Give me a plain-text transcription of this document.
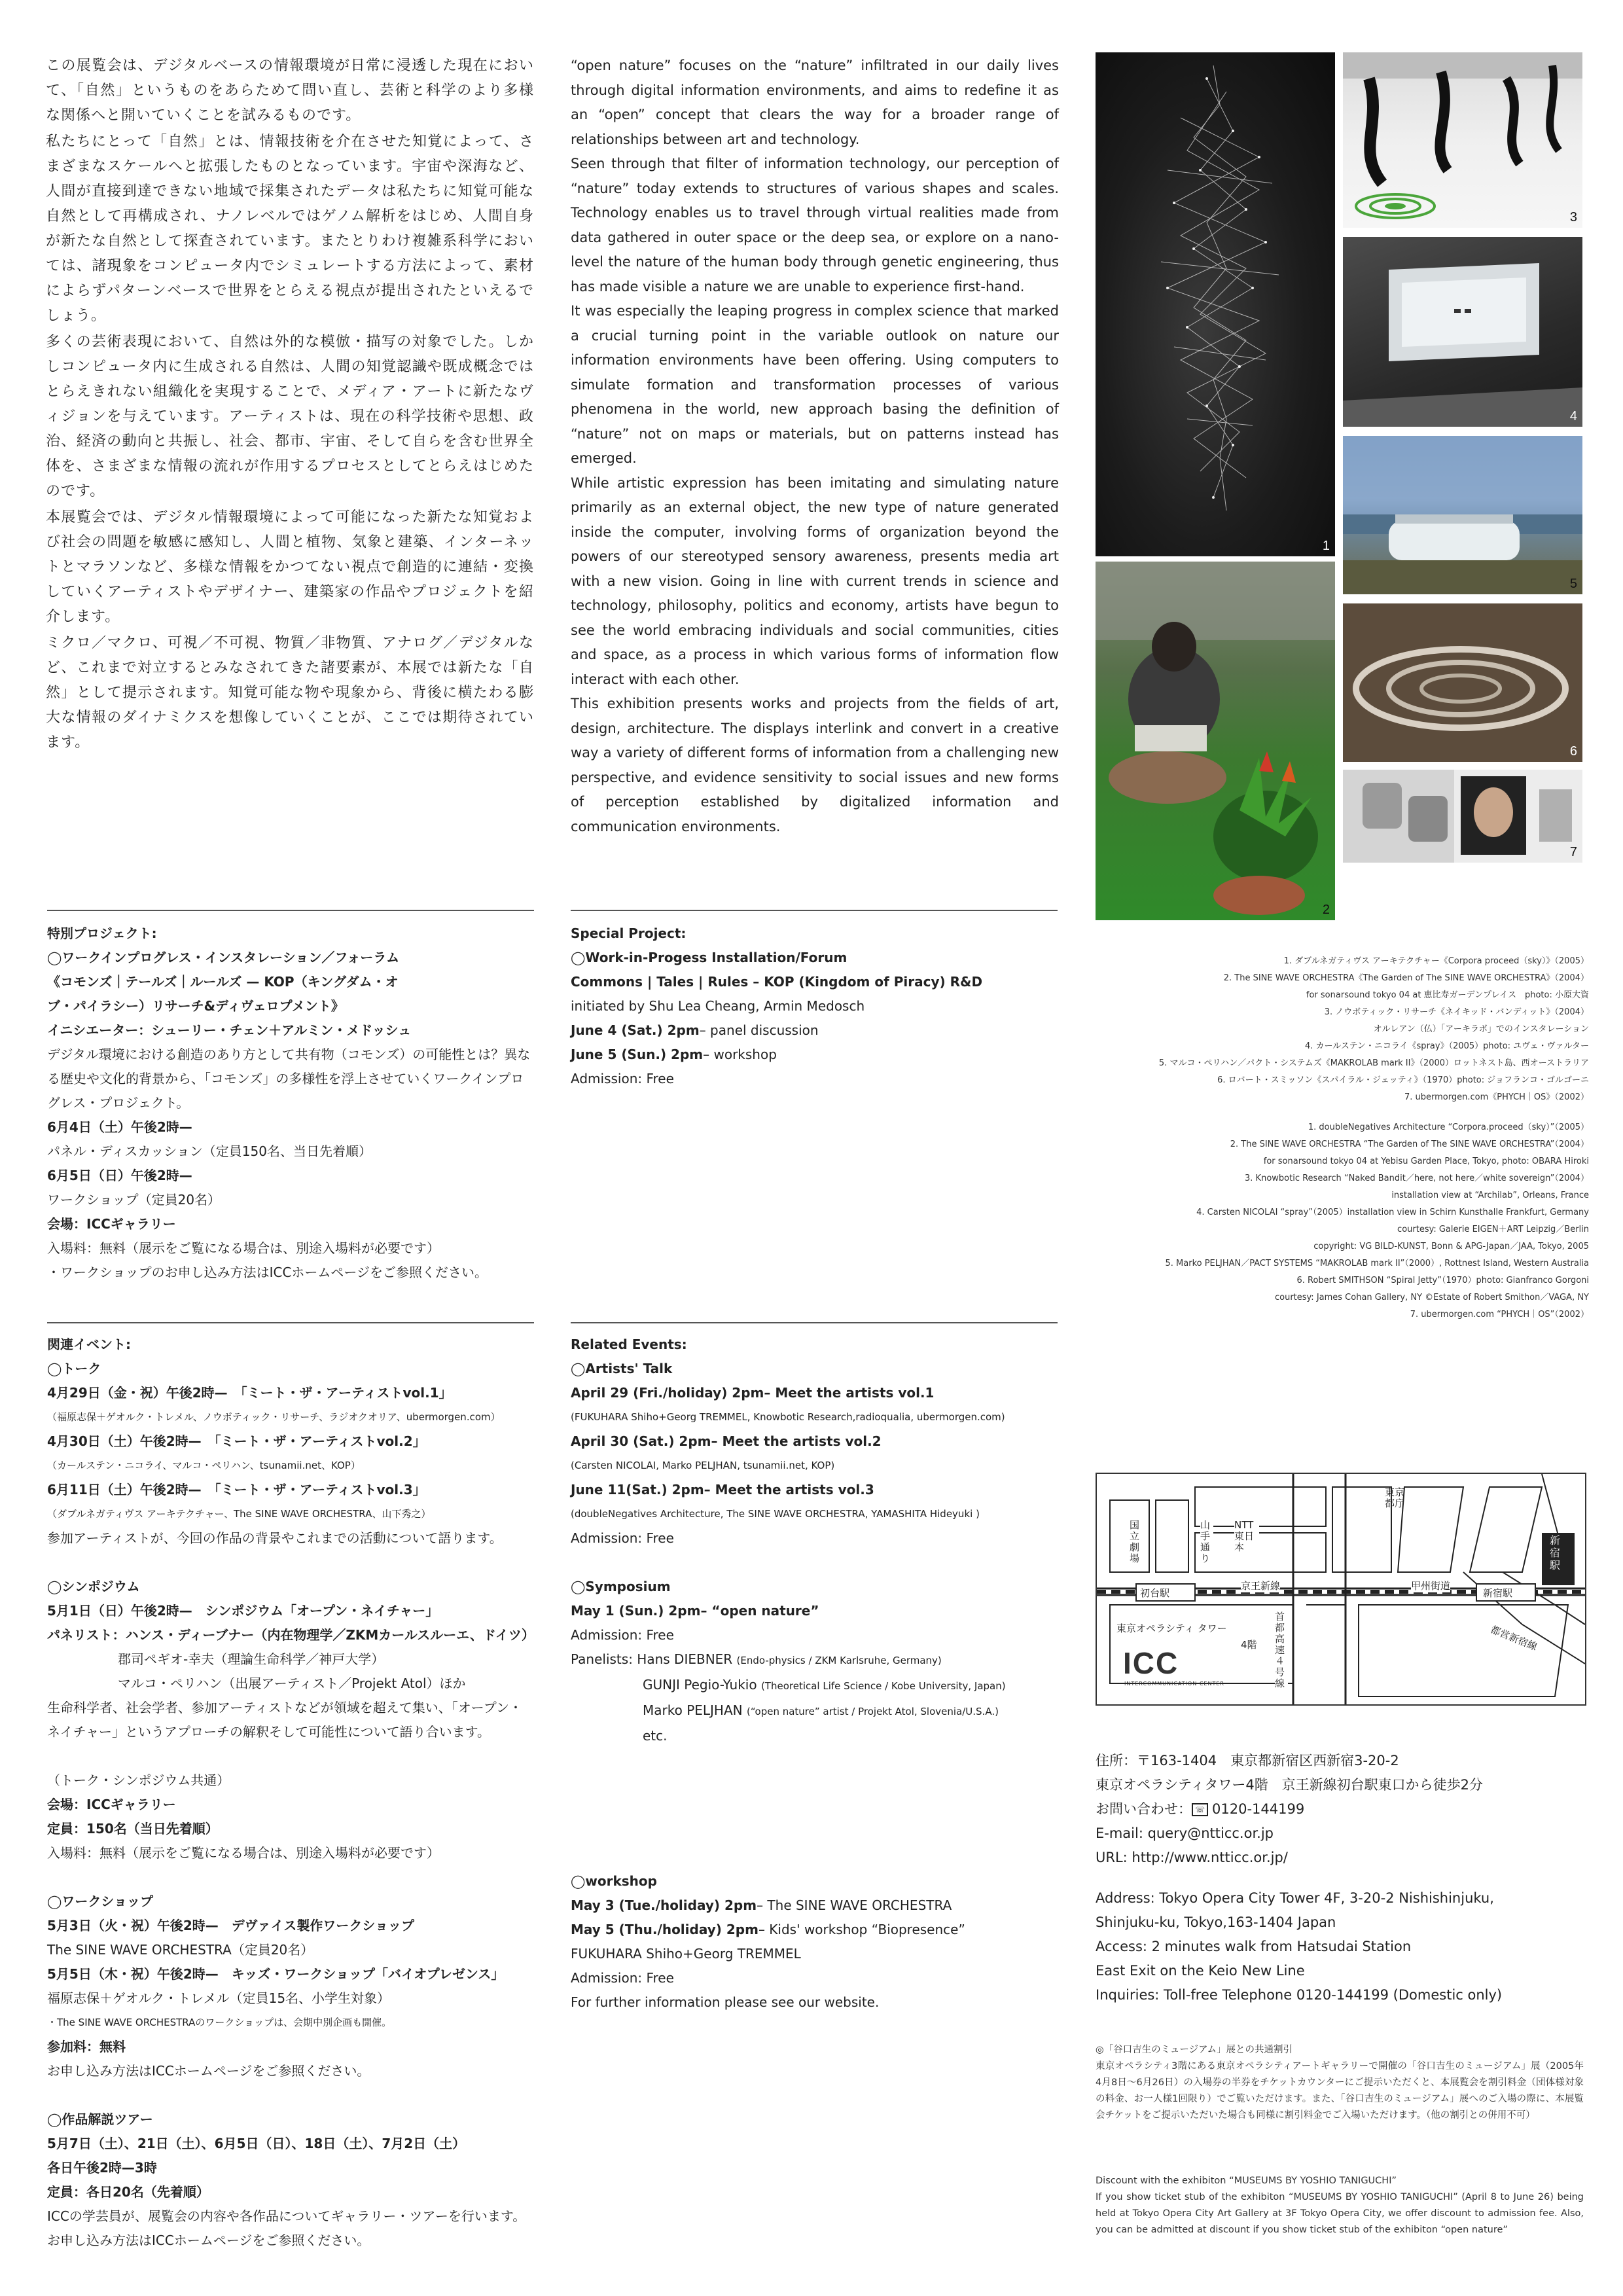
この展覧会は、デジタルベースの情報環境が日常に浸透した現在において、「自然」というものをあらためて問い直し、芸術と科学のより多様な関係へと開いていくことを試みるものです。

私たちにとって「自然」とは、情報技術を介在させた知覚によって、さまざまなスケールへと拡張したものとなっています。宇宙や深海など、人間が直接到達できない地域で採集されたデータは私たちに知覚可能な自然として再構成され、ナノレベルではゲノム解析をはじめ、人間自身が新たな自然として探査されています。またとりわけ複雑系科学においては、諸現象をコンピュータ内でシミュレートする方法によって、素材によらずパターンベースで世界をとらえる視点が提出されたといえるでしょう。

多くの芸術表現において、自然は外的な模倣・描写の対象でした。しかしコンピュータ内に生成される自然は、人間の知覚認識や既成概念ではとらえきれない組織化を実現することで、メディア・アートに新たなヴィジョンを与えています。アーティストは、現在の科学技術や思想、政治、経済の動向と共振し、社会、都市、宇宙、そして自らを含む世界全体を、さまざまな情報の流れが作用するプロセスとしてとらえはじめたのです。

本展覧会では、デジタル情報環境によって可能になった新たな知覚および社会の問題を敏感に感知し、人間と植物、気象と建築、インターネットとマラソンなど、多様な情報をかつてない視点で創造的に連結・変換していくアーティストやデザイナー、建築家の作品やプロジェクトを紹介します。

ミクロ／マクロ、可視／不可視、物質／非物質、アナログ／デジタルなど、これまで対立するとみなされてきた諸要素が、本展では新たな「自然」として提示されます。知覚可能な物や現象から、背後に横たわる膨大な情報のダイナミクスを想像していくことが、ここでは期待されています。

“open nature” focuses on the “nature” infiltrated in our daily lives through digital information environments, and aims to redefine it as an “open” concept that clears the way for a broader range of relationships between art and technology.

Seen through that filter of information technology, our perception of “nature” today extends to structures of various shapes and scales. Technology enables us to travel through virtual realities made from data gathered in outer space or the deep sea, or explore on a nano-level the nature of the human body through genetic engineering, thus has made visible a nature we are unable to experience first-hand.

It was especially the leaping progress in complex science that marked a crucial turning point in the variable outlook on nature our information environments have been offering. Using computers to simulate formation and transformation processes of various phenomena in the world, new approach basing the definition of “nature” not on maps or materials, but on patterns instead has emerged.

While artistic expression has been imitating and simulating nature primarily as an external object, the new type of nature generated inside the computer, involving forms of organization beyond the powers of our stereotyped sensory awareness, presents media art with a new vision. Going in line with current trends in science and technology, philosophy, politics and economy, artists have begun to see the world embracing individuals and social communities, cities and space, as a process in which various forms of information flow interact with each other.

This exhibition presents works and projects from the fields of art, design, architecture. The displays interlink and convert in a creative way a variety of different forms of information from a challenging new perspective, and evidence sensitivity to social issues and new forms of perception established by digitalized information and communication environments.

1
2
3
4
5
6
7
1. ダブルネガティヴス アーキテクチャー《Corpora proceed（sky）》（2005）
2. The SINE WAVE ORCHESTRA《The Garden of The SINE WAVE ORCHESTRA》（2004）
for sonarsound tokyo 04 at 恵比寿ガーデンプレイス　photo: 小原大資
3. ノウボティック・リサーチ《ネイキッド・バンディット》（2004）
オルレアン（仏）「アーキラボ」でのインスタレーション
4. カールステン・ニコライ《spray》（2005）photo: ユヴェ・ヴァルター
5. マルコ・ペリハン／パクト・システムズ《MAKROLAB mark II》（2000）ロットネスト島、西オーストラリア
6. ロバート・スミッソン《スパイラル・ジェッティ》（1970）photo: ジョフランコ・ゴルゴーニ
7. ubermorgen.com《PHYCH｜OS》（2002）
1. doubleNegatives Architecture “Corpora.proceed（sky）”（2005）
2. The SINE WAVE ORCHESTRA “The Garden of The SINE WAVE ORCHESTRA”（2004）
for sonarsound tokyo 04 at Yebisu Garden Place, Tokyo, photo: OBARA Hiroki
3. Knowbotic Research “Naked Bandit／here, not here／white sovereign”（2004）
installation view at “Archilab”, Orleans, France
4. Carsten NICOLAI “spray”（2005）installation view in Schirn Kunsthalle Frankfurt, Germany
courtesy: Galerie EIGEN＋ART Leipzig／Berlin
copyright: VG BILD-KUNST, Bonn & APG-Japan／JAA, Tokyo, 2005
5. Marko PELJHAN／PACT SYSTEMS “MAKROLAB mark II”（2000）, Rottnest Island, Western Australia
6. Robert SMITHSON “Spiral Jetty”（1970）photo: Gianfranco Gorgoni
courtesy: James Cohan Gallery, NY ©Estate of Robert Smithon／VAGA, NY
7. ubermorgen.com “PHYCH｜OS”（2002）
特別プロジェクト:
◯ワークインプログレス・インスタレーション／フォーラム
《コモンズ｜テールズ｜ルールズ — KOP（キングダム・オブ・パイラシー）リサーチ&ディヴェロプメント》
イニシエーター：シューリー・チェン＋アルミン・メドッシュ
デジタル環境における創造のあり方として共有物（コモンズ）の可能性とは？異なる歴史や文化的背景から、「コモンズ」の多様性を浮上させていくワークインプログレス・プロジェクト。
6月4日（土）午後2時—
パネル・ディスカッション（定員150名、当日先着順）
6月5日（日）午後2時—
ワークショップ（定員20名）
会場：ICCギャラリー
入場料：無料（展示をご覧になる場合は、別途入場料が必要です）
・ワークショップのお申し込み方法はICCホームページをご参照ください。
Special Project:
◯Work-in-Progess Installation/Forum
Commons | Tales | Rules – KOP (Kingdom of Piracy) R&D
initiated by Shu Lea Cheang, Armin Medosch
June 4 (Sat.) 2pm– panel discussion
June 5 (Sun.) 2pm– workshop
Admission: Free
関連イベント:
◯トーク
4月29日（金・祝）午後2時—　「ミート・ザ・アーティストvol.1」
（福原志保＋ゲオルク・トレメル、ノウボティック・リサーチ、ラジオクオリア、ubermorgen.com）
4月30日（土）午後2時—　「ミート・ザ・アーティストvol.2」
（カールステン・ニコライ、マルコ・ペリハン、tsunamii.net、KOP）
6月11日（土）午後2時—　「ミート・ザ・アーティストvol.3」
（ダブルネガティヴス アーキテクチャー、The SINE WAVE ORCHESTRA、山下秀之）
参加アーティストが、今回の作品の背景やこれまでの活動について語ります。
◯シンポジウム
5月1日（日）午後2時—　シンポジウム「オープン・ネイチャー」
パネリスト：ハンス・ディーブナー（内在物理学／ZKMカールスルーエ、ドイツ）
郡司ペギオ-幸夫（理論生命科学／神戸大学）
マルコ・ペリハン（出展アーティスト／Projekt Atol）ほか
生命科学者、社会学者、参加アーティストなどが領域を超えて集い、「オープン・ネイチャー」というアプローチの解釈そして可能性について語り合います。
（トーク・シンポジウム共通）
会場：ICCギャラリー
定員：150名（当日先着順）
入場料：無料（展示をご覧になる場合は、別途入場料が必要です）
◯ワークショップ
5月3日（火・祝）午後2時—　デヴァイス製作ワークショップ
The SINE WAVE ORCHESTRA（定員20名）
5月5日（木・祝）午後2時—　キッズ・ワークショップ「バイオプレゼンス」
福原志保＋ゲオルク・トレメル（定員15名、小学生対象）
・The SINE WAVE ORCHESTRAのワークショップは、会期中別企画も開催。
参加料：無料
お申し込み方法はICCホームページをご参照ください。
◯作品解説ツアー
5月7日（土）、21日（土）、6月5日（日）、18日（土）、7月2日（土）
各日午後2時—3時
定員：各日20名（先着順）
ICCの学芸員が、展覧会の内容や各作品についてギャラリー・ツアーを行います。お申し込み方法はICCホームページをご参照ください。
Related Events:
◯Artists' Talk
April 29 (Fri./holiday) 2pm– Meet the artists vol.1
(FUKUHARA Shiho+Georg TREMMEL, Knowbotic Research,radioqualia, ubermorgen.com)
April 30 (Sat.) 2pm– Meet the artists vol.2
(Carsten NICOLAI, Marko PELJHAN, tsunamii.net, KOP)
June 11(Sat.) 2pm– Meet the artists vol.3
(doubleNegatives Architecture, The SINE WAVE ORCHESTRA, YAMASHITA Hideyuki )
Admission: Free
◯Symposium
May 1 (Sun.) 2pm– “open nature”
Admission: Free
Panelists: Hans DIEBNER (Endo-physics / ZKM Karlsruhe, Germany)
GUNJI Pegio-Yukio (Theoretical Life Science / Kobe University, Japan)
Marko PELJHAN (“open nature” artist / Projekt Atol, Slovenia/U.S.A.)
etc.
◯workshop
May 3 (Tue./holiday) 2pm– The SINE WAVE ORCHESTRA
May 5 (Thu./holiday) 2pm– Kids' workshop “Biopresence”
FUKUHARA Shiho+Georg TREMMEL
Admission: Free
For further information please see our website.
国立劇場
山手通り
NTT東日本
東京都庁
新宿駅
初台駅
京王新線	甲州街道
新宿駅
都営新宿線
東京オペラシティ タワー
4階
首都高速４号線
ICC
INTERCOMMUNICATION CENTER
住所：〒163-1404　東京都新宿区西新宿3-20-2
東京オペラシティタワー4階　京王新線初台駅東口から徒歩2分
お問い合わせ： ☏ 0120-144199
E-mail: query@ntticc.or.jp
URL: http://www.ntticc.or.jp/
Address: Tokyo Opera City Tower 4F, 3-20-2 Nishishinjuku,
Shinjuku-ku, Tokyo,163-1404 Japan
Access: 2 minutes walk from Hatsudai Station
East Exit on the Keio New Line
Inquiries: Toll-free Telephone 0120-144199 (Domestic only)

◎「谷口吉生のミュージアム」展との共通割引

東京オペラシティ3階にある東京オペラシティアートギャラリーで開催の「谷口吉生のミュージアム」展（2005年4月8日〜6月26日）の入場券の半券をチケットカウンターにご提示いただくと、本展覧会を割引料金（団体様対象の料金、お一人様1回限り）でご覧いただけます。また、「谷口吉生のミュージアム」展へのご入場の際に、本展覧会チケットをご提示いただいた場合も同様に割引料金でご入場いただけます。（他の割引との併用不可）

Discount with the exhibiton “MUSEUMS BY YOSHIO TANIGUCHI”

If you show ticket stub of the exhibiton “MUSEUMS BY YOSHIO TANIGUCHI” (April 8 to June 26) being held at Tokyo Opera City Art Gallery at 3F Tokyo Opera City, we offer discount to admission fee. Also, you can be admitted at discount if you show ticket stub of the exhibiton “open nature”
